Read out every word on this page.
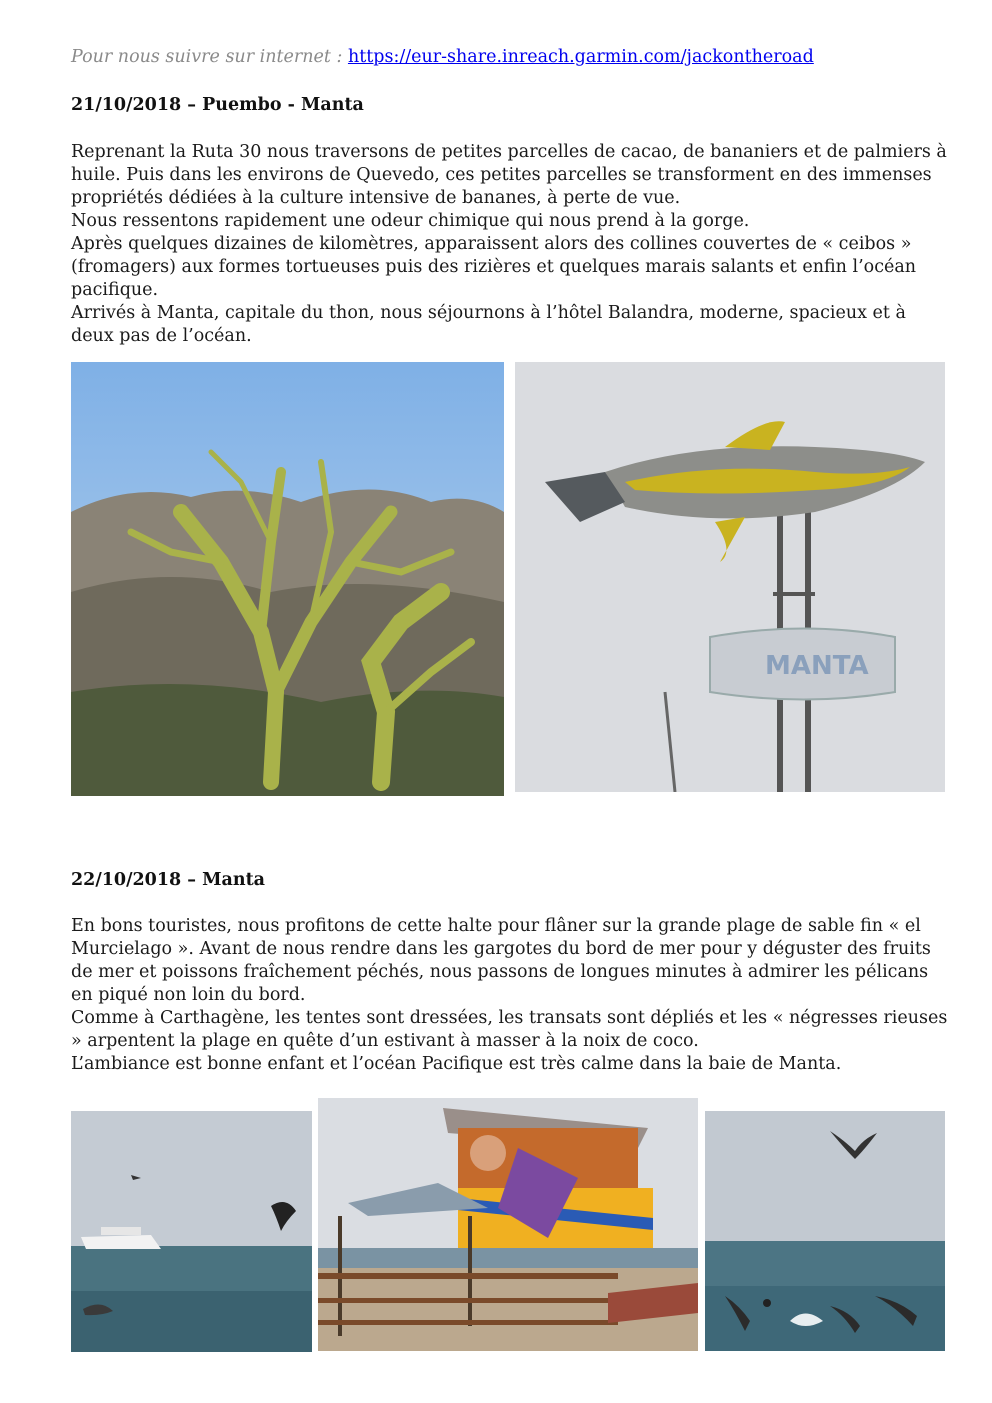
Pour nous suivre sur internet : https://eur-share.inreach.garmin.com/jackontheroad
21/10/2018 – Puembo - Manta

Reprenant la Ruta 30 nous traversons de petites parcelles de cacao, de bananiers et de palmiers à huile. Puis dans les environs de Quevedo, ces petites parcelles se transforment en des immenses propriétés dédiées à la culture intensive de bananes, à perte de vue.

Nous ressentons rapidement une odeur chimique qui nous prend à la gorge.

Après quelques dizaines de kilomètres, apparaissent alors des collines couvertes de « ceibos » (fromagers) aux formes tortueuses puis des rizières et quelques marais salants et enfin l’océan pacifique.

Arrivés à Manta, capitale du thon, nous séjournons à l’hôtel Balandra, moderne, spacieux et à deux pas de l’océan.

MANTA
22/10/2018 – Manta

En bons touristes, nous profitons de cette halte pour flâner sur la grande plage de sable fin « el Murcielago ». Avant de nous rendre dans les gargotes du bord de mer pour y déguster des fruits de mer et poissons fraîchement péchés, nous passons de longues minutes à admirer les pélicans en piqué non loin du bord.

Comme à Carthagène, les tentes sont dressées, les transats sont dépliés et les « négresses rieuses » arpentent la plage en quête d’un estivant à masser à la noix de coco.

L’ambiance est bonne enfant et l’océan Pacifique est très calme dans la baie de Manta.
